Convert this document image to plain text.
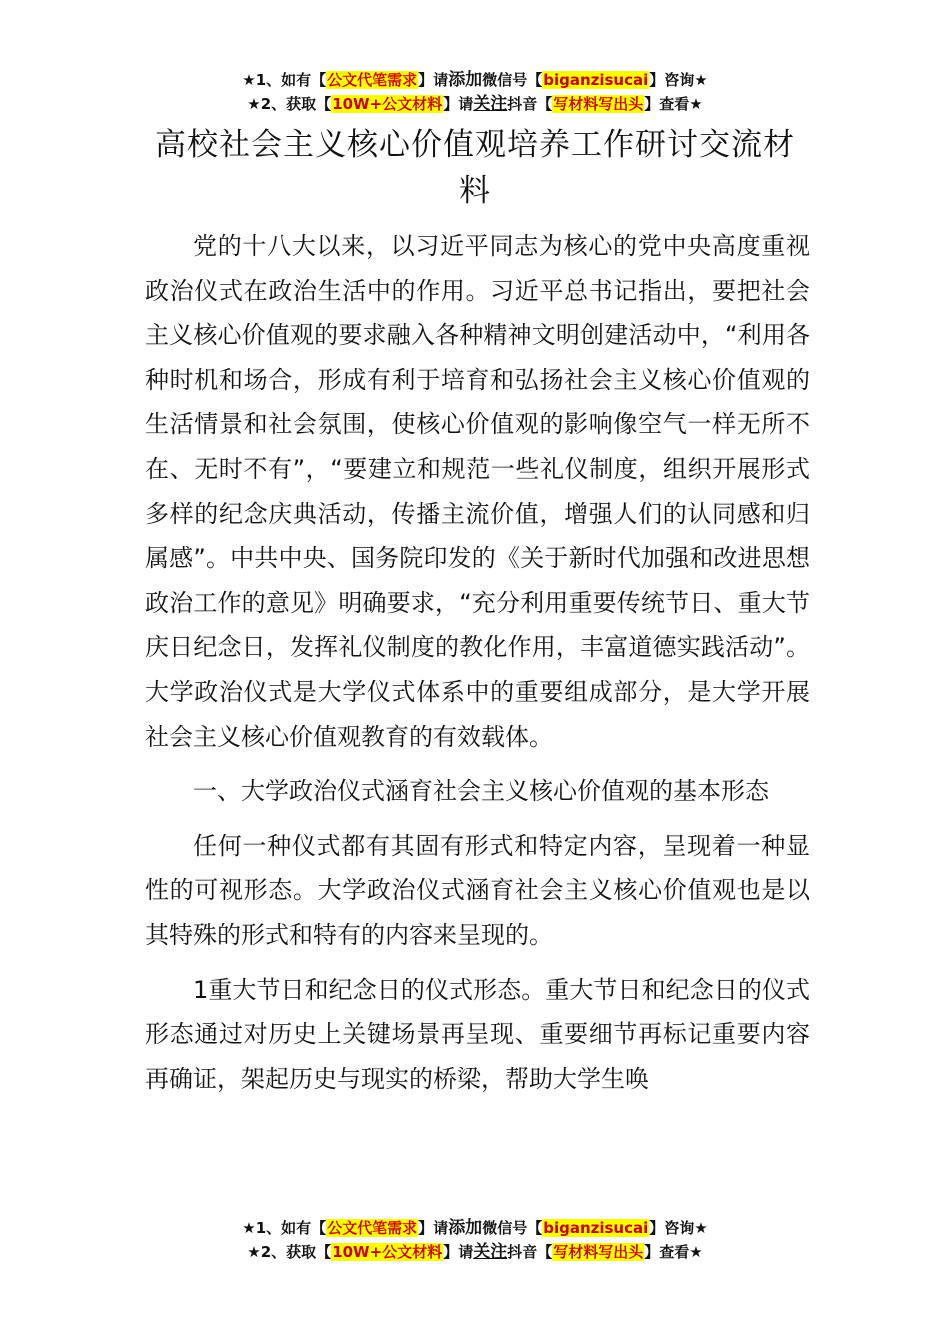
★1、如有【公文代笔需求】请添加微信号【biganzisucai】咨询★
★2、获取【10W+公文材料】请关注抖音【写材料写出头】查看★
高校社会主义核心价值观培养工作研讨交流材料

党的十八大以来，以习近平同志为核心的党中央高度重视政治仪式在政治生活中的作用。习近平总书记指出，要把社会主义核心价值观的要求融入各种精神文明创建活动中，“利用各种时机和场合，形成有利于培育和弘扬社会主义核心价值观的生活情景和社会氛围，使核心价值观的影响像空气一样无所不在、无时不有”，“要建立和规范一些礼仪制度，组织开展形式多样的纪念庆典活动，传播主流价值，增强人们的认同感和归属感”。中共中央、国务院印发的《关于新时代加强和改进思想政治工作的意见》明确要求，“充分利用重要传统节日、重大节庆日纪念日，发挥礼仪制度的教化作用，丰富道德实践活动”。大学政治仪式是大学仪式体系中的重要组成部分，是大学开展社会主义核心价值观教育的有效载体。

一、大学政治仪式涵育社会主义核心价值观的基本形态

任何一种仪式都有其固有形式和特定内容，呈现着一种显性的可视形态。大学政治仪式涵育社会主义核心价值观也是以其特殊的形式和特有的内容来呈现的。

1重大节日和纪念日的仪式形态。重大节日和纪念日的仪式形态通过对历史上关键场景再呈现、重要细节再标记重要内容再确证，架起历史与现实的桥梁，帮助大学生唤

★1、如有【公文代笔需求】请添加微信号【biganzisucai】咨询★
★2、获取【10W+公文材料】请关注抖音【写材料写出头】查看★
